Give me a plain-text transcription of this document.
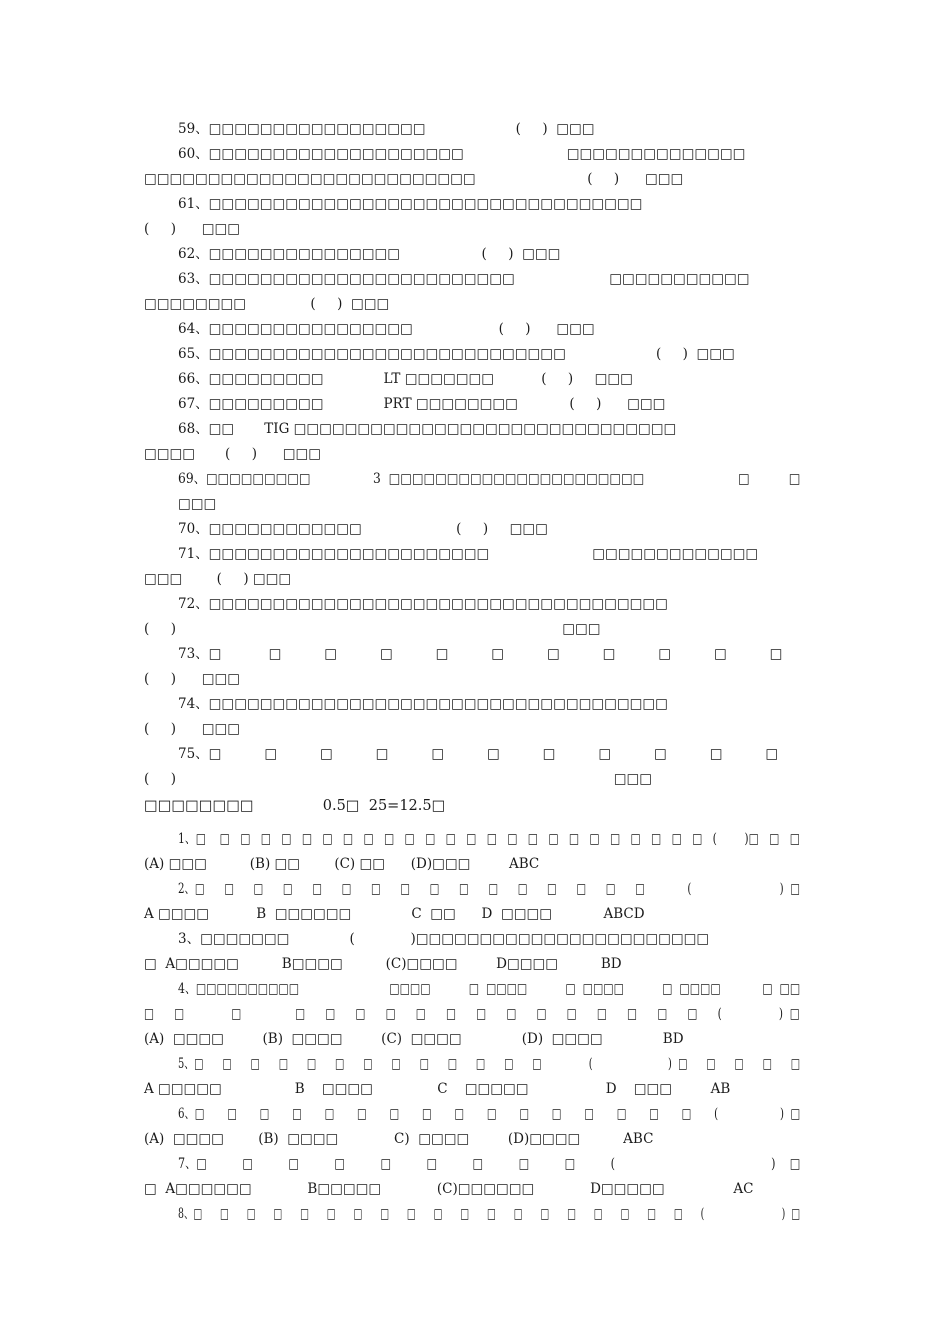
59、□□□□□□□□□□□□□□□□□                     (     )  □□□
60、□□□□□□□□□□□□□□□□□□□□                        □□□□□□□□□□□□□□
□□□□□□□□□□□□□□□□□□□□□□□□□□                          (     )      □□□
61、□□□□□□□□□□□□□□□□□□□□□□□□□□□□□□□□□□
(     )      □□□
62、□□□□□□□□□□□□□□□                   (     )  □□□
63、□□□□□□□□□□□□□□□□□□□□□□□□                      □□□□□□□□□□□
□□□□□□□□               (     )  □□□
64、□□□□□□□□□□□□□□□□                    (     )      □□□
65、□□□□□□□□□□□□□□□□□□□□□□□□□□□□                     (     )  □□□
66、□□□□□□□□□              LT □□□□□□□           (     )     □□□
67、□□□□□□□□□              PRT □□□□□□□□            (     )      □□□
68、□□       TIG □□□□□□□□□□□□□□□□□□□□□□□□□□□□□□
□□□□       (     )      □□□
69、□□□□□□□□□                3  □□□□□□□□□□□□□□□□□□□□□□                        □          □
□□□
70、□□□□□□□□□□□□                      (     )     □□□
71、□□□□□□□□□□□□□□□□□□□□□□                        □□□□□□□□□□□□□
□□□        (     ) □□□
72、□□□□□□□□□□□□□□□□□□□□□□□□□□□□□□□□□□□□
(     )                                                                                          □□□
73、□           □          □          □          □          □          □          □          □          □          □
(     )      □□□
74、□□□□□□□□□□□□□□□□□□□□□□□□□□□□□□□□□□□□
(     )      □□□
75、□          □          □          □          □          □          □          □          □          □          □
(     )                                                                                                      □□□
□□□□□□□□               0.5□  25=12.5□
1、□    □   □   □   □   □   □   □   □   □   □   □   □   □   □   □   □   □   □   □   □   □   □   □   □   (        )□   □   □
(A) □□□          (B) □□        (C) □□      (D)□□□         ABC
2、□      □      □      □      □      □      □      □      □      □      □      □      □      □      □      □             (                           )  □
A □□□□           B  □□□□□□              C  □□      D  □□□□            ABCD
3、□□□□□□□              (             )□□□□□□□□□□□□□□□□□□□□□□□
□  A□□□□□          B□□□□          (C)□□□□         D□□□□          BD
4、□□□□□□□□□□                          □□□□           □  □□□□           □  □□□□           □  □□□□            □  □□
□      □              □                □      □      □      □      □      □      □      □      □      □      □      □      □      □      (                 )  □
(A)  □□□□         (B)  □□□□         (C)  □□□□              (D)  □□□□              BD
5、□      □      □      □      □      □      □      □      □      □      □      □      □               (                        )  □      □      □      □      □
A □□□□□                 B    □□□□               C    □□□□□                  D    □□□         AB
6、□       □       □       □       □       □       □       □       □       □       □       □       □       □       □       □       (                   )  □
(A)  □□□□        (B)  □□□□             C)  □□□□         (D)□□□□          ABC
7、□          □          □          □          □          □          □          □          □          (                                            )    □
□  A□□□□□□             B□□□□□             (C)□□□□□□             D□□□□□                AC
8、□      □      □      □      □      □      □      □      □      □      □      □      □      □      □      □      □      □      □      (                          )  □
